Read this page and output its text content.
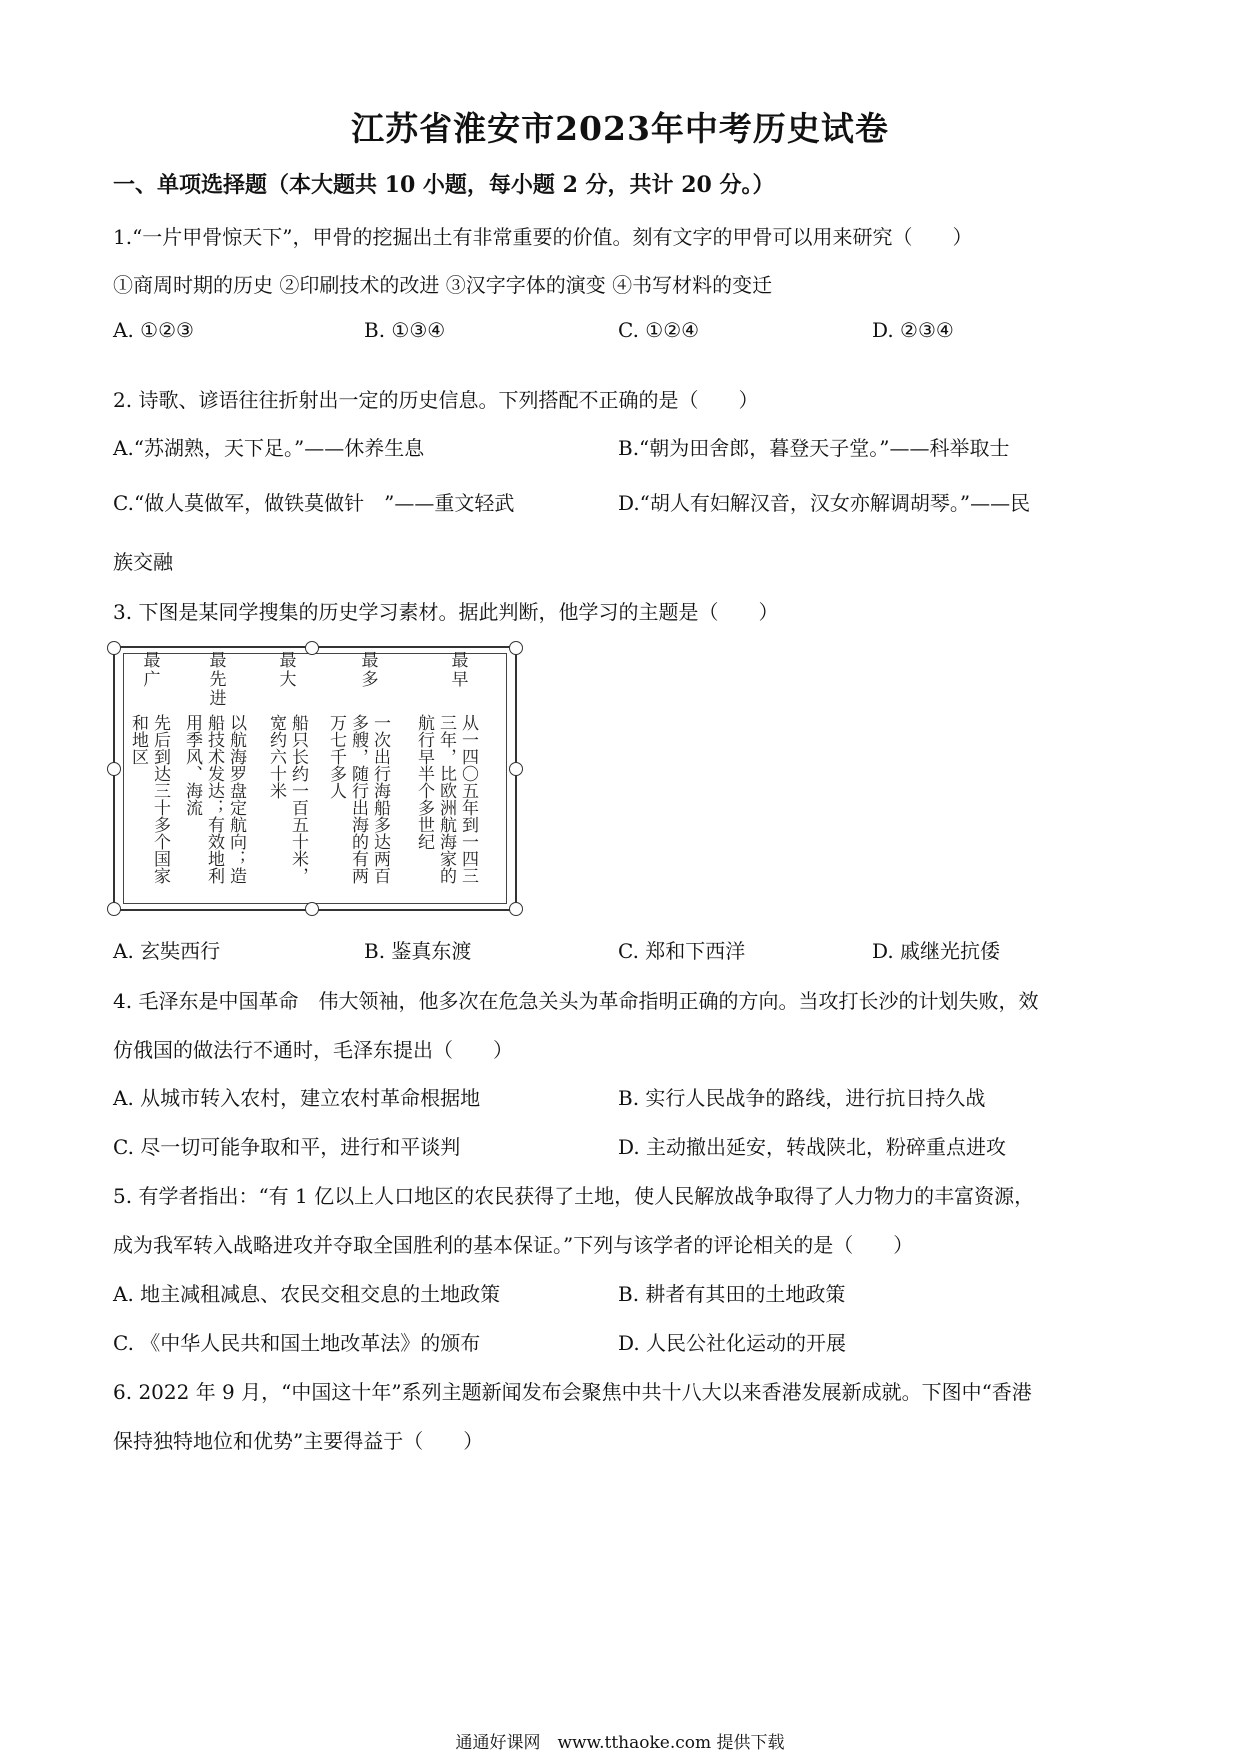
江苏省淮安市2023年中考历史试卷
一、单项选择题（本大题共 10 小题，每小题 2 分，共计 20 分。）
1.“一片甲骨惊天下”，甲骨的挖掘出土有非常重要的价值。刻有文字的甲骨可以用来研究（　　）
①商周时期的历史 ②印刷技术的改进 ③汉字字体的演变 ④书写材料的变迁
A. ①②③	B. ①③④	C. ①②④	D. ②③④
2. 诗歌、谚语往往折射出一定的历史信息。下列搭配不正确的是（　　）
A.“苏湖熟，天下足。”——休养生息	B.“朝为田舍郎，暮登天子堂。”——科举取士
C.“做人莫做军，做铁莫做针　”——重文轻武	D.“胡人有妇解汉音，汉女亦解调胡琴。”——民
族交融
3. 下图是某同学搜集的历史学习素材。据此判断，他学习的主题是（　　）
最早
最多
最大
最先进
最广
从一四〇五年到一四三三年，比欧洲航海家的航行早半个多世纪
一次出行海船多达两百多艘，随行出海的有两万七千多人
船只长约一百五十米，宽约六十米
以航海罗盘定航向；造船技术发达；有效地利用季风、海流
先后到达三十多个国家和地区
A. 玄奘西行	B. 鉴真东渡	C. 郑和下西洋	D. 戚继光抗倭
4. 毛泽东是中国革命　伟大领袖，他多次在危急关头为革命指明正确的方向。当攻打长沙的计划失败，效
仿俄国的做法行不通时，毛泽东提出（　　）
A. 从城市转入农村，建立农村革命根据地	B. 实行人民战争的路线，进行抗日持久战
C. 尽一切可能争取和平，进行和平谈判	D. 主动撤出延安，转战陕北，粉碎重点进攻
5. 有学者指出：“有 1 亿以上人口地区的农民获得了土地，使人民解放战争取得了人力物力的丰富资源，
成为我军转入战略进攻并夺取全国胜利的基本保证。”下列与该学者的评论相关的是（　　）
A. 地主减租减息、农民交租交息的土地政策	B. 耕者有其田的土地政策
C. 《中华人民共和国土地改革法》的颁布	D. 人民公社化运动的开展
6. 2022 年 9 月，“中国这十年”系列主题新闻发布会聚焦中共十八大以来香港发展新成就。下图中“香港
保持独特地位和优势”主要得益于（　　）
通通好课网　www.tthaoke.com 提供下载
